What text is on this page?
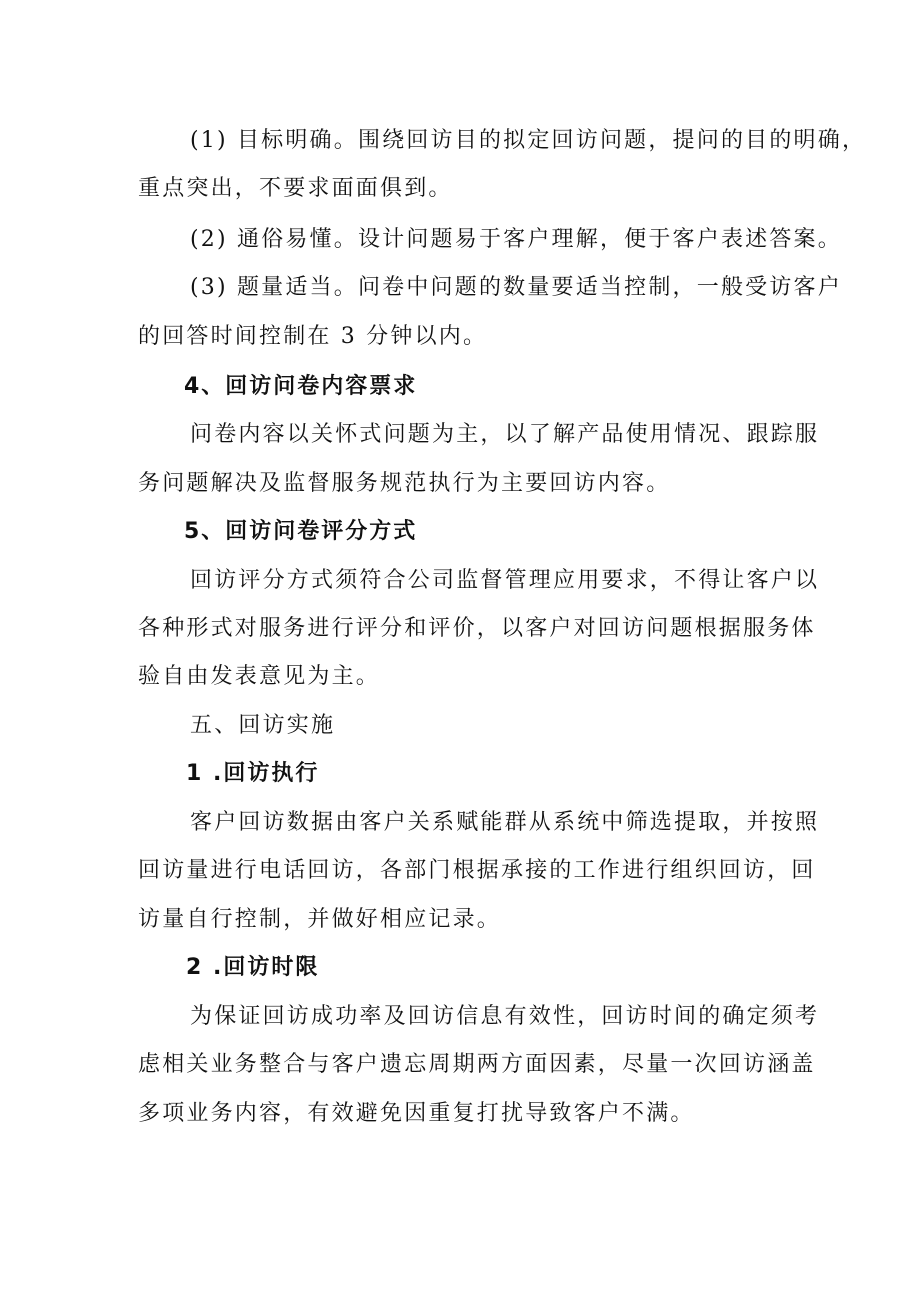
(1) 目标明确。围绕回访目的拟定回访问题，提问的目的明确，
重点突出，不要求面面俱到。
(2) 通俗易懂。设计问题易于客户理解，便于客户表述答案。
(3) 题量适当。问卷中问题的数量要适当控制，一般受访客户
的回答时间控制在 3 分钟以内。
4、回访问卷内容票求
问卷内容以关怀式问题为主，以了解产品使用情况、跟踪服
务问题解决及监督服务规范执行为主要回访内容。
5、回访问卷评分方式
回访评分方式须符合公司监督管理应用要求，不得让客户以
各种形式对服务进行评分和评价，以客户对回访问题根据服务体
验自由发表意见为主。
五、回访实施
1 .回访执行
客户回访数据由客户关系赋能群从系统中筛选提取，并按照
回访量进行电话回访，各部门根据承接的工作进行组织回访，回
访量自行控制，并做好相应记录。
2 .回访时限
为保证回访成功率及回访信息有效性，回访时间的确定须考
虑相关业务整合与客户遗忘周期两方面因素，尽量一次回访涵盖
多项业务内容，有效避免因重复打扰导致客户不满。
